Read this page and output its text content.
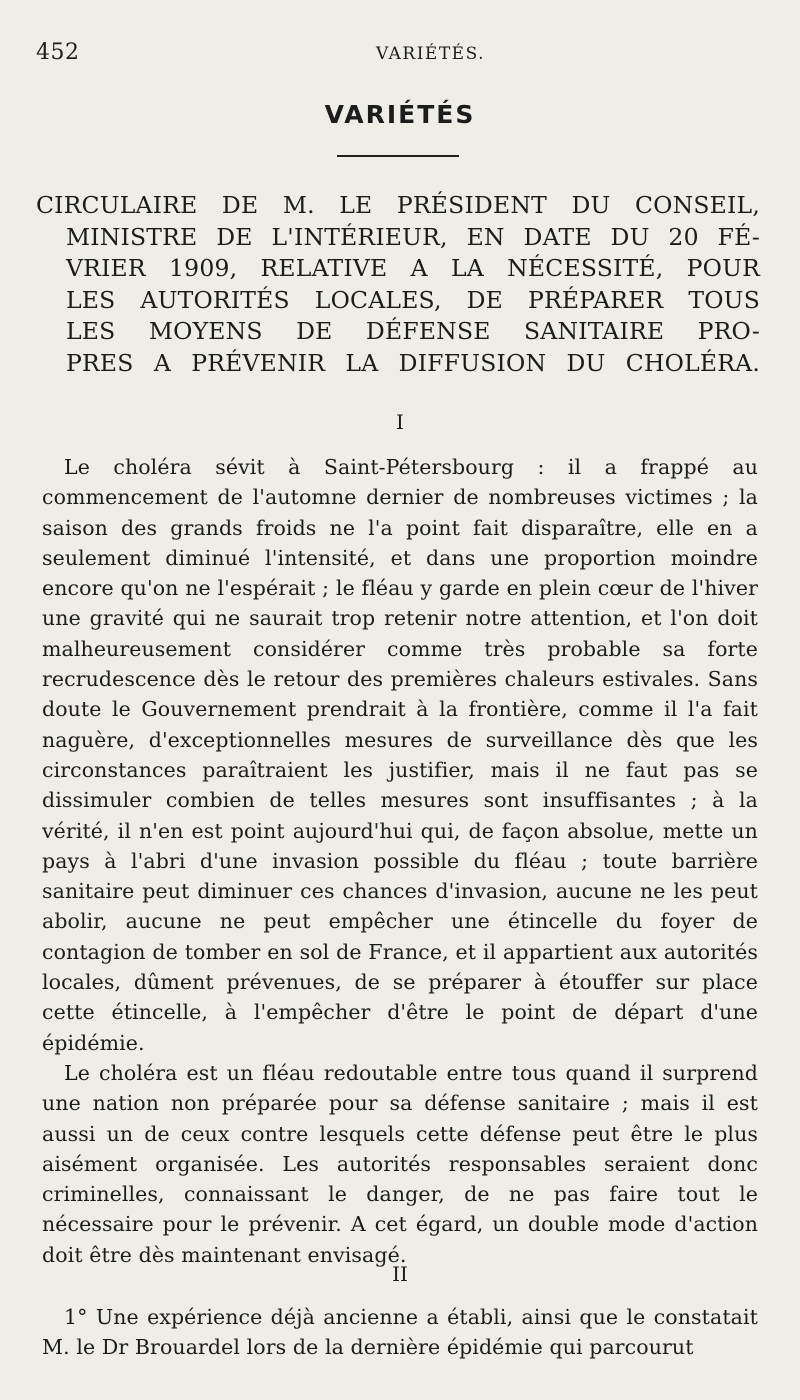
452	VARIÉTÉS.
VARIÉTÉS
CIRCULAIRE DE M. LE PRÉSIDENT DU CONSEIL,
MINISTRE DE L'INTÉRIEUR, EN DATE DU 20 FÉ-
VRIER 1909, RELATIVE A LA NÉCESSITÉ, POUR
LES AUTORITÉS LOCALES, DE PRÉPARER TOUS
LES MOYENS DE DÉFENSE SANITAIRE PRO-
PRES A PRÉVENIR LA DIFFUSION DU CHOLÉRA.
I

Le choléra sévit à Saint-Pétersbourg : il a frappé au commencement de l'automne dernier de nombreuses victimes ; la saison des grands froids ne l'a point fait disparaître, elle en a seulement diminué l'intensité, et dans une proportion moindre encore qu'on ne l'espérait ; le fléau y garde en plein cœur de l'hiver une gravité qui ne saurait trop retenir notre attention, et l'on doit malheureusement considérer comme très probable sa forte recrudescence dès le retour des premières chaleurs estivales. Sans doute le Gouvernement prendrait à la frontière, comme il l'a fait naguère, d'exceptionnelles mesures de surveillance dès que les circonstances paraîtraient les justifier, mais il ne faut pas se dissimuler combien de telles mesures sont insuffisantes ; à la vérité, il n'en est point aujourd'hui qui, de façon absolue, mette un pays à l'abri d'une invasion possible du fléau ; toute barrière sanitaire peut diminuer ces chances d'invasion, aucune ne les peut abolir, aucune ne peut empêcher une étincelle du foyer de contagion de tomber en sol de France, et il appartient aux autorités locales, dûment prévenues, de se préparer à étouffer sur place cette étincelle, à l'empêcher d'être le point de départ d'une épidémie.

Le choléra est un fléau redoutable entre tous quand il surprend une nation non préparée pour sa défense sanitaire ; mais il est aussi un de ceux contre lesquels cette défense peut être le plus aisément organisée. Les autorités responsables seraient donc criminelles, connaissant le danger, de ne pas faire tout le nécessaire pour le prévenir. A cet égard, un double mode d'action doit être dès maintenant envisagé.

II

1° Une expérience déjà ancienne a établi, ainsi que le constatait M. le Dr Brouardel lors de la dernière épidémie qui parcourut
